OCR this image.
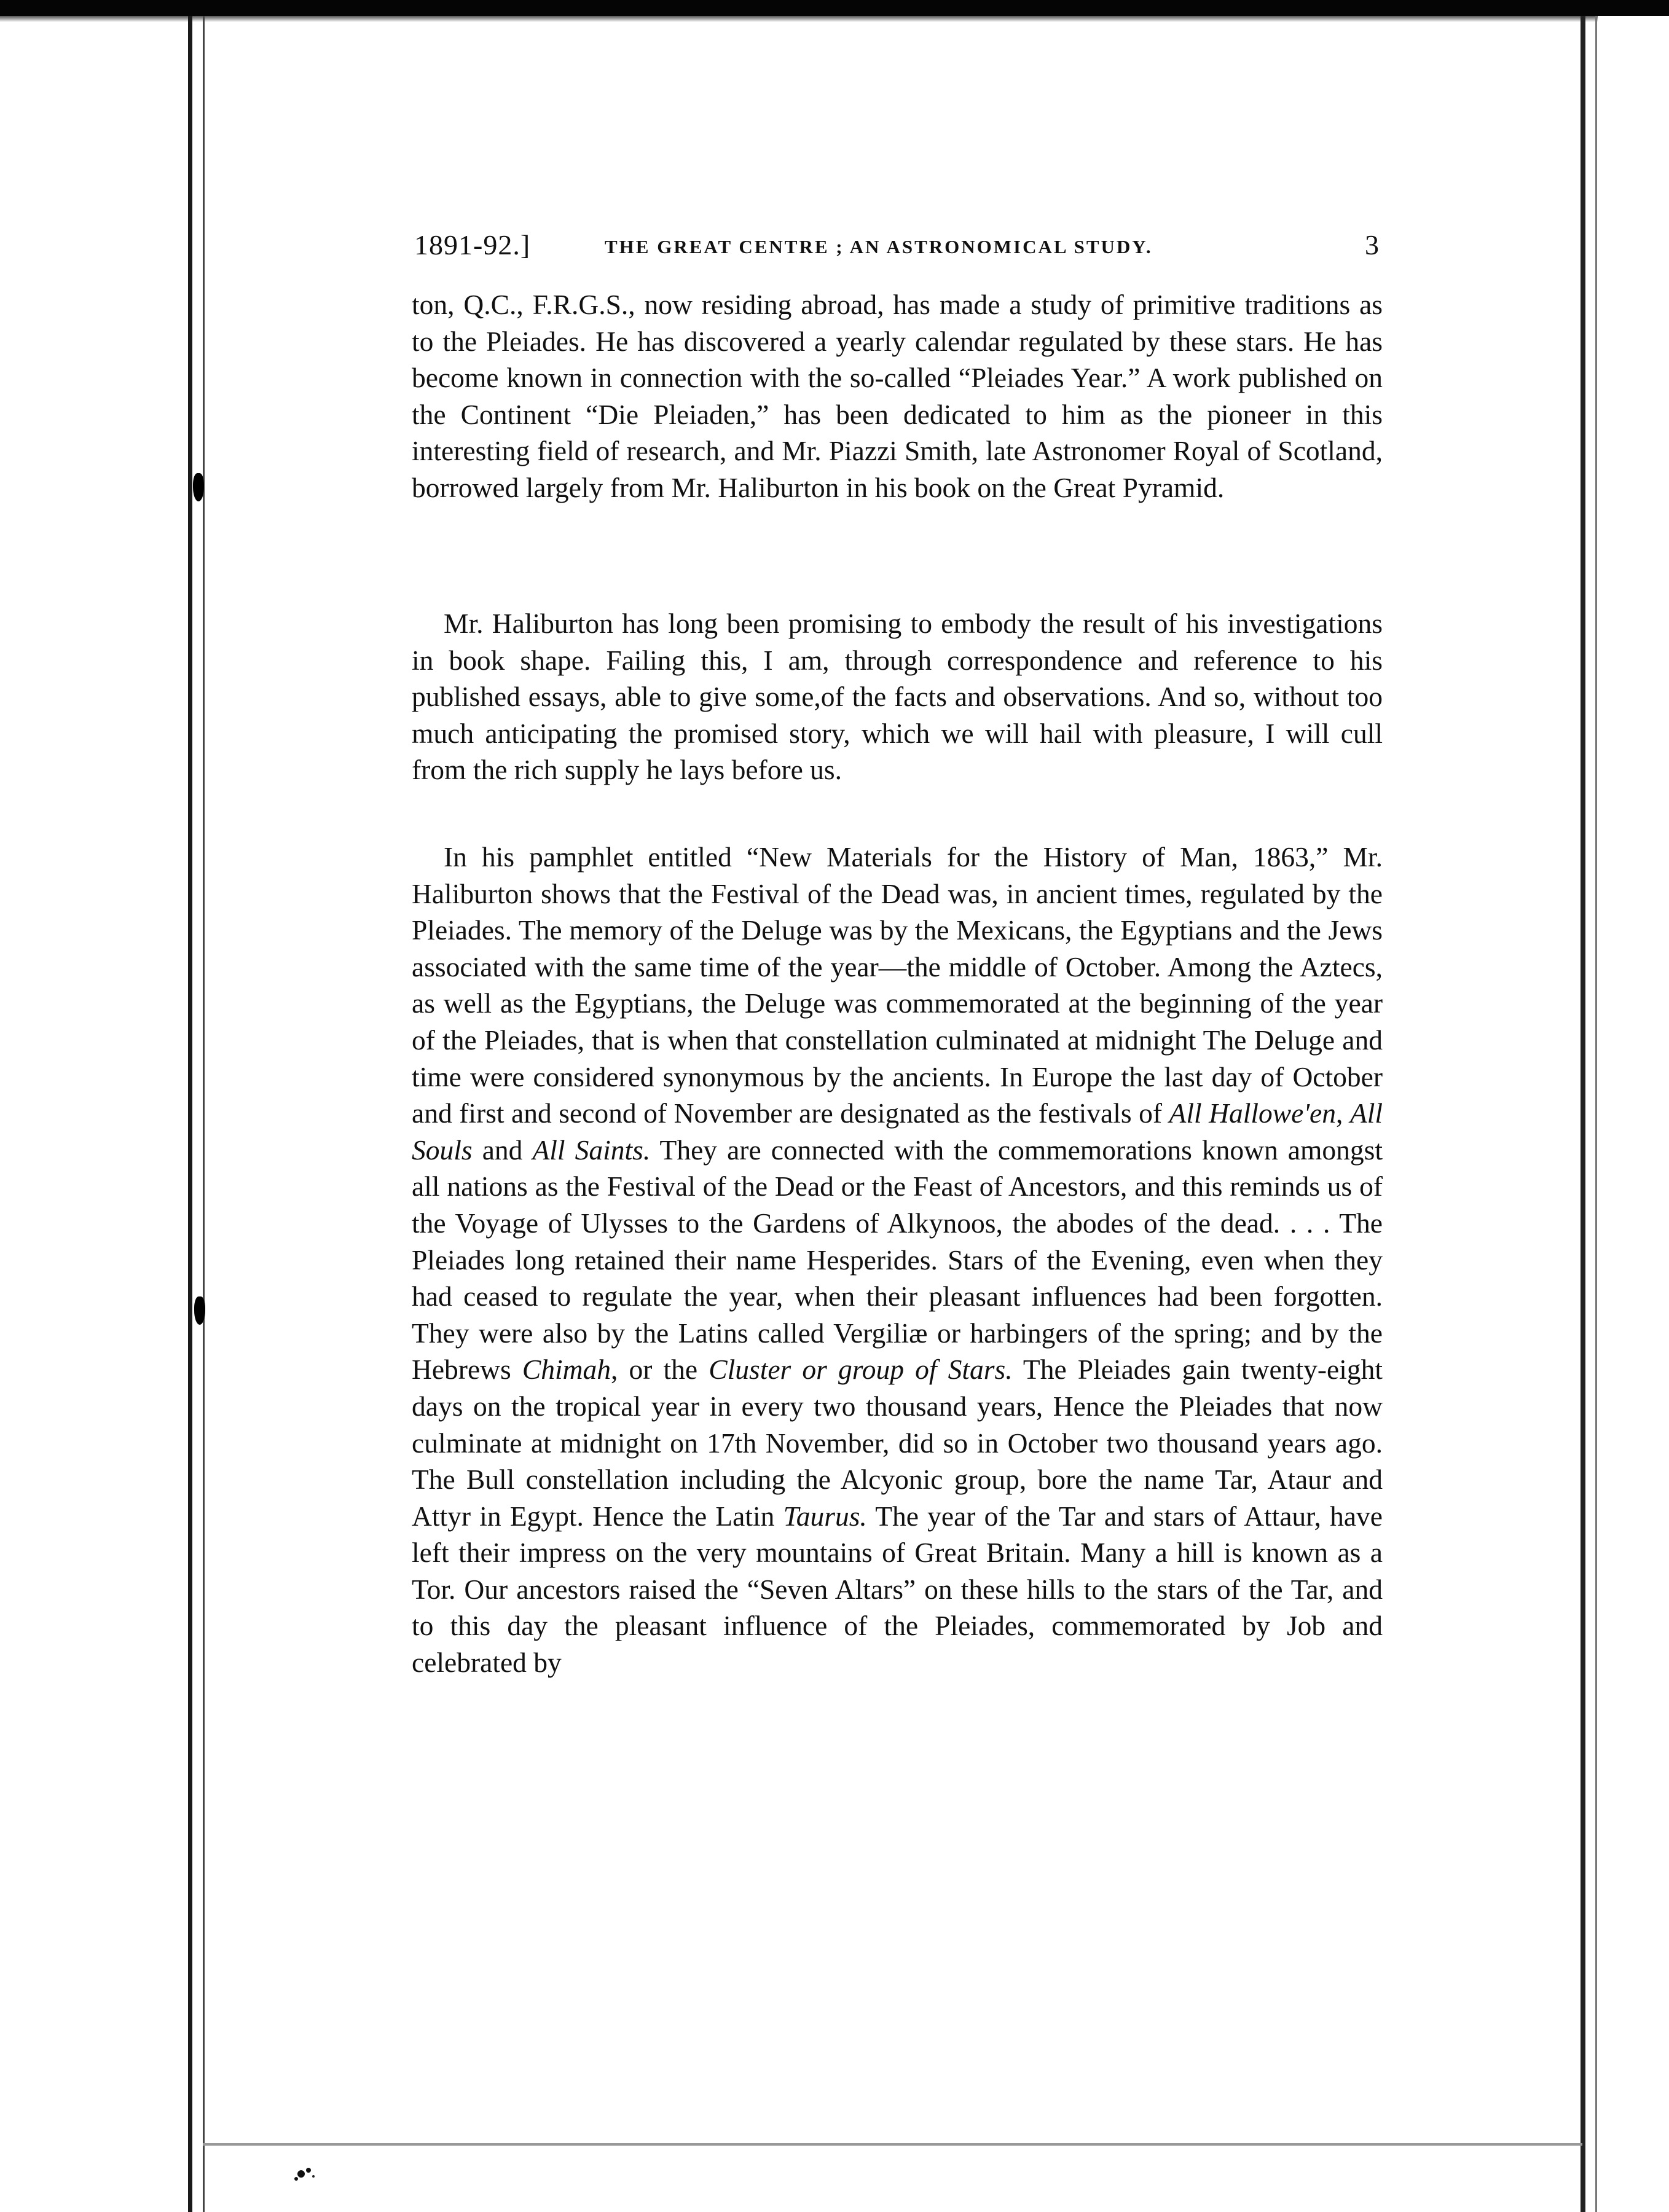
1891-92.]	THE GREAT CENTRE ; AN ASTRONOMICAL STUDY.	3

ton, Q.C., F.R.G.S., now residing abroad, has made a study of primitive traditions as to the Pleiades. He has discovered a yearly calendar regulated by these stars. He has become known in connection with the so-called “Pleiades Year.” A work published on the Continent “Die Pleiaden,” has been dedicated to him as the pioneer in this interesting field of research, and Mr. Piazzi Smith, late Astronomer Royal of Scotland, borrowed largely from Mr. Haliburton in his book on the Great Pyramid.

Mr. Haliburton has long been promising to embody the result of his investigations in book shape. Failing this, I am, through correspondence and reference to his published essays, able to give some,of the facts and observations. And so, without too much anticipating the promised story, which we will hail with pleasure, I will cull from the rich supply he lays before us.

In his pamphlet entitled “New Materials for the History of Man, 1863,” Mr. Haliburton shows that the Festival of the Dead was, in ancient times, regulated by the Pleiades. The memory of the Deluge was by the Mexicans, the Egyptians and the Jews associated with the same time of the year—the middle of October. Among the Aztecs, as well as the Egyptians, the Deluge was commemorated at the beginning of the year of the Pleiades, that is when that constellation culminated at midnight The Deluge and time were considered synonymous by the ancients. In Europe the last day of October and first and second of November are designated as the festivals of All Hallowe'en, All Souls and All Saints. They are connected with the commemorations known amongst all nations as the Festival of the Dead or the Feast of Ancestors, and this reminds us of the Voyage of Ulysses to the Gardens of Alkynoos, the abodes of the dead. . . . The Pleiades long retained their name Hesperides. Stars of the Evening, even when they had ceased to regulate the year, when their pleasant influences had been forgotten. They were also by the Latins called Vergiliæ or harbingers of the spring; and by the Hebrews Chimah, or the Cluster or group of Stars. The Pleiades gain twenty-eight days on the tropical year in every two thousand years, Hence the Pleiades that now culminate at midnight on 17th November, did so in October two thousand years ago. The Bull constellation including the Alcyonic group, bore the name Tar, Ataur and Attyr in Egypt. Hence the Latin Taurus. The year of the Tar and stars of Attaur, have left their impress on the very mountains of Great Britain. Many a hill is known as a Tor. Our ancestors raised the “Seven Altars” on these hills to the stars of the Tar, and to this day the pleasant influence of the Pleiades, commemorated by Job and celebrated by
